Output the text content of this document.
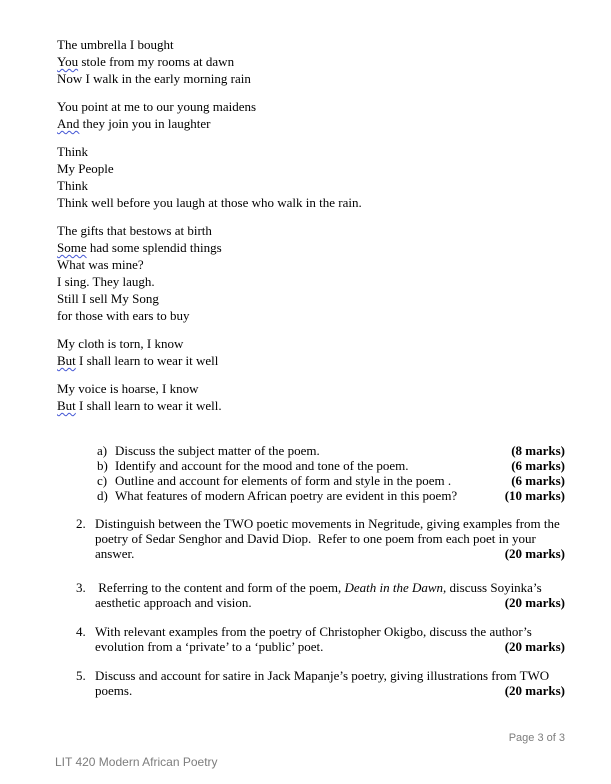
The umbrella I bought
You stole from my rooms at dawn
Now I walk in the early morning rain
You point at me to our young maidens
And they join you in laughter
Think
My People
Think
Think well before you laugh at those who walk in the rain.
The gifts that bestows at birth
Some had some splendid things
What was mine?
I sing. They laugh.
Still I sell My Song
for those with ears to buy
My cloth is torn, I know
But I shall learn to wear it well
My voice is hoarse, I know
But I shall learn to wear it well.
a) Discuss the subject matter of the poem.	(8 marks)
b) Identify and account for the mood and tone of the poem.	(6 marks)
c) Outline and account for elements of form and style in the poem .	(6 marks)
d) What features of modern African poetry are evident in this poem?	(10 marks)
2. Distinguish between the TWO poetic movements in Negritude, giving examples from the
poetry of Sedar Senghor and David Diop.  Refer to one poem from each poet in your
answer.	(20 marks)
3. Referring to the content and form of the poem, Death in the Dawn, discuss Soyinka’s
aesthetic approach and vision.	(20 marks)
4. With relevant examples from the poetry of Christopher Okigbo, discuss the author’s
evolution from a ‘private’ to a ‘public’ poet.	(20 marks)
5. Discuss and account for satire in Jack Mapanje’s poetry, giving illustrations from TWO
poems.	(20 marks)
Page 3 of 3
LIT 420 Modern African Poetry
